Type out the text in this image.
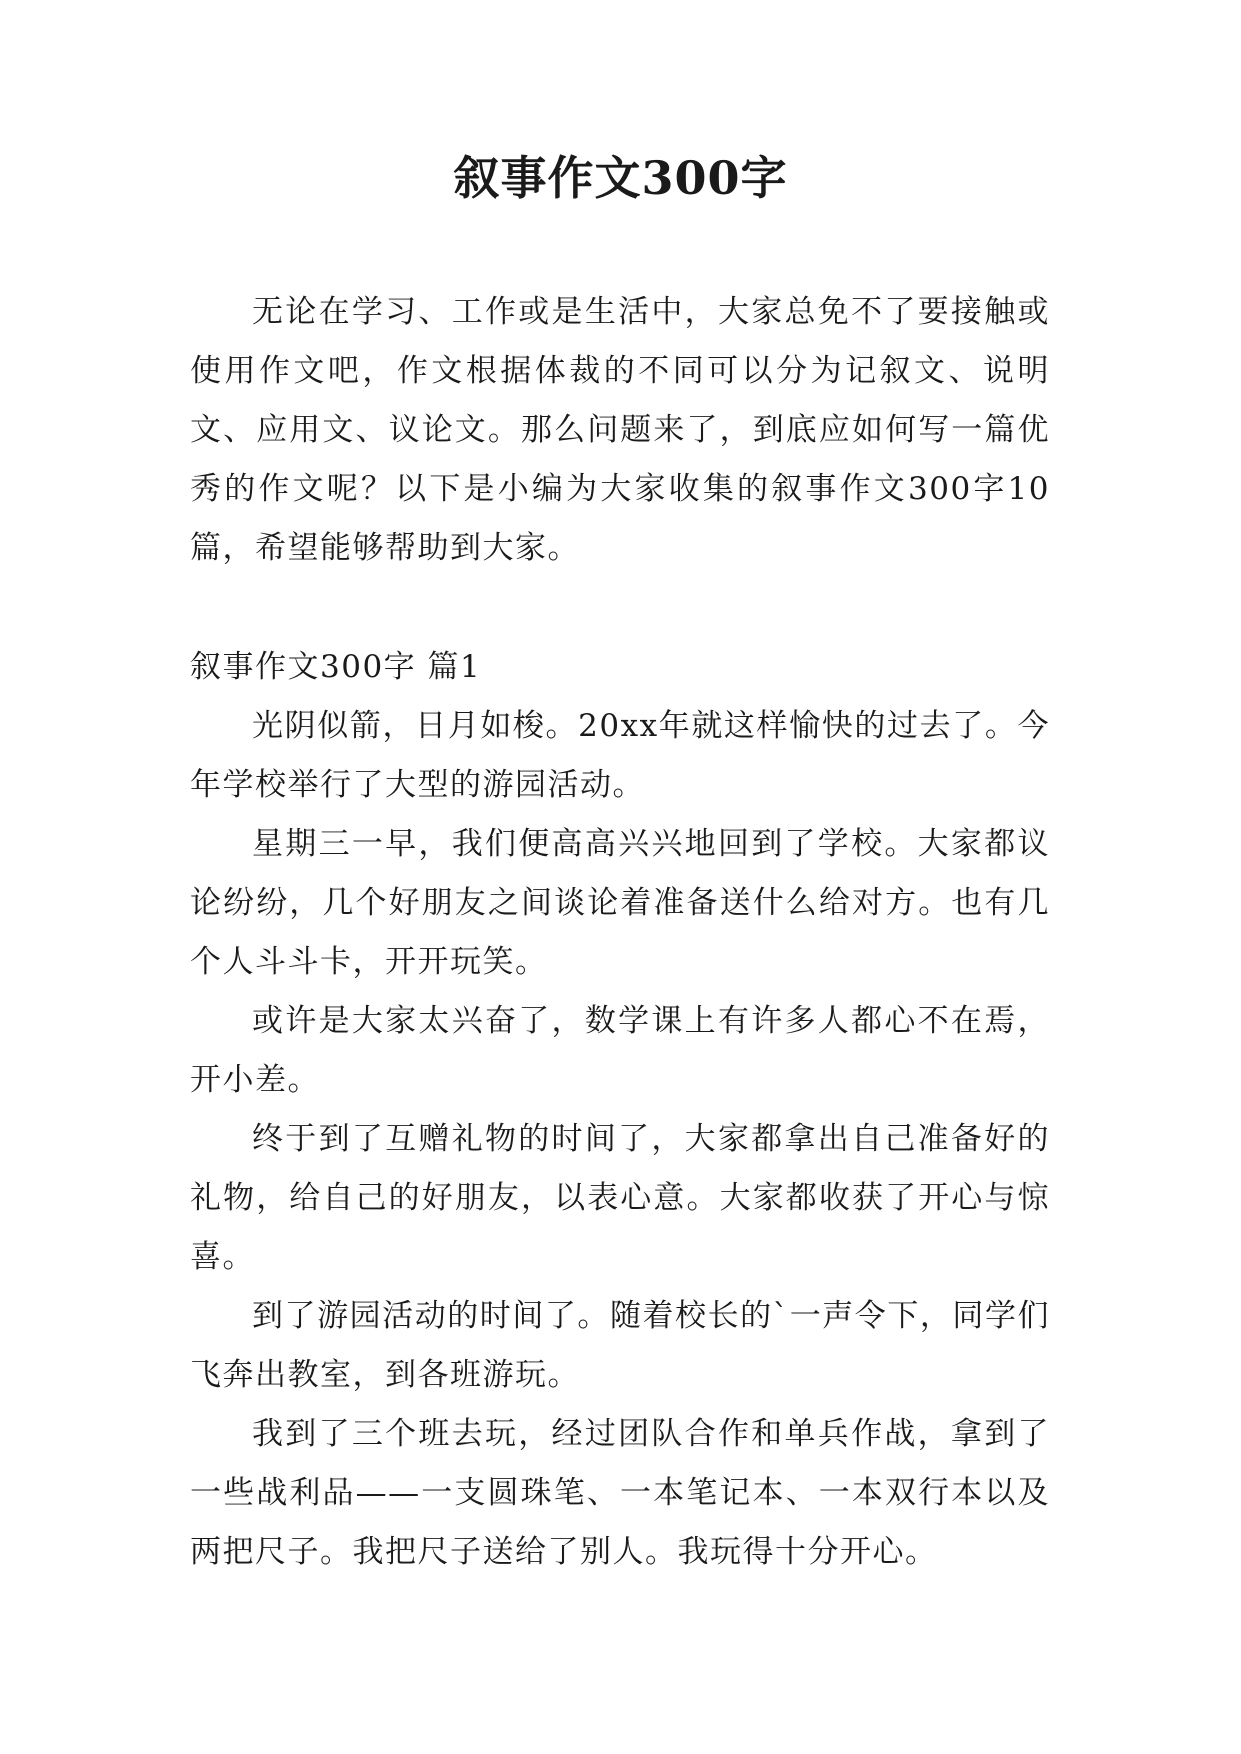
叙事作文300字

无论在学习、工作或是生活中，大家总免不了要接触或使用作文吧，作文根据体裁的不同可以分为记叙文、说明文、应用文、议论文。那么问题来了，到底应如何写一篇优秀的作文呢？以下是小编为大家收集的叙事作文300字10篇，希望能够帮助到大家。

叙事作文300字 篇1

光阴似箭，日月如梭。20xx年就这样愉快的过去了。今年学校举行了大型的游园活动。

星期三一早，我们便高高兴兴地回到了学校。大家都议论纷纷，几个好朋友之间谈论着准备送什么给对方。也有几个人斗斗卡，开开玩笑。

或许是大家太兴奋了，数学课上有许多人都心不在焉，开小差。

终于到了互赠礼物的时间了，大家都拿出自己准备好的礼物，给自己的好朋友，以表心意。大家都收获了开心与惊喜。

到了游园活动的时间了。随着校长的`一声令下，同学们飞奔出教室，到各班游玩。

我到了三个班去玩，经过团队合作和单兵作战，拿到了一些战利品——一支圆珠笔、一本笔记本、一本双行本以及两把尺子。我把尺子送给了别人。我玩得十分开心。
